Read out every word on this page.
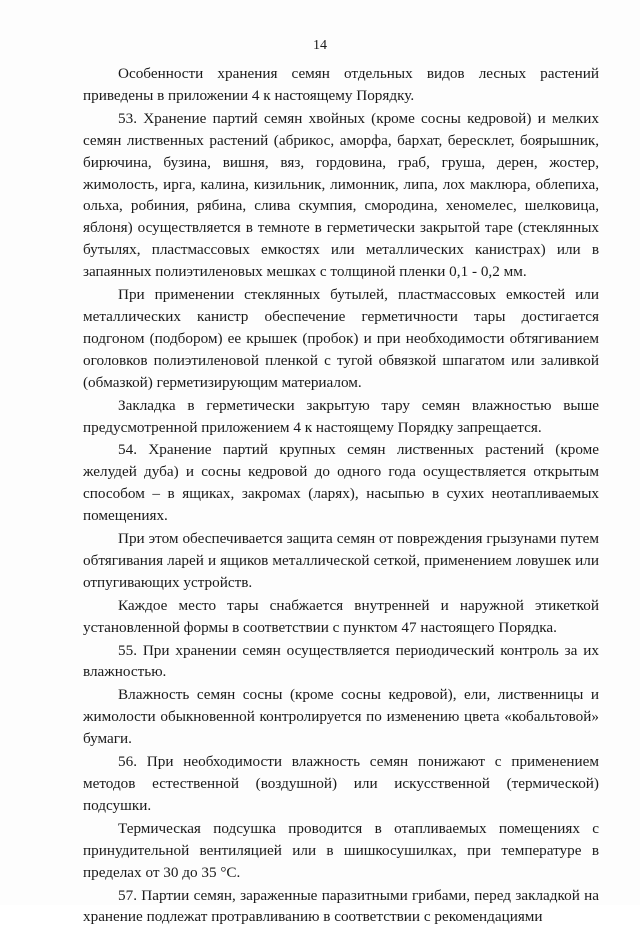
14

Особенности хранения семян отдельных видов лесных растений приведены в приложении 4 к настоящему Порядку.

53. Хранение партий семян хвойных (кроме сосны кедровой) и мелких семян лиственных растений (абрикос, аморфа, бархат, бересклет, боярышник, бирючина, бузина, вишня, вяз, гордовина, граб, груша, дерен, жостер, жимолость, ирга, калина, кизильник, лимонник, липа, лох маклюра, облепиха, ольха, робиния, рябина, слива скумпия, смородина, хеномелес, шелковица, яблоня) осуществляется в темноте в герметически закрытой таре (стеклянных бутылях, пластмассовых емкостях или металлических канистрах) или в запаянных полиэтиленовых мешках с толщиной пленки 0,1 - 0,2 мм.

При применении стеклянных бутылей, пластмассовых емкостей или металлических канистр обеспечение герметичности тары достигается подгоном (подбором) ее крышек (пробок) и при необходимости обтягиванием оголовков полиэтиленовой пленкой с тугой обвязкой шпагатом или заливкой (обмазкой) герметизирующим материалом.

Закладка в герметически закрытую тару семян влажностью выше предусмотренной приложением 4 к настоящему Порядку запрещается.

54. Хранение партий крупных семян лиственных растений (кроме желудей дуба) и сосны кедровой до одного года осуществляется открытым способом – в ящиках, закромах (ларях), насыпью в сухих неотапливаемых помещениях.

При этом обеспечивается защита семян от повреждения грызунами путем обтягивания ларей и ящиков металлической сеткой, применением ловушек или отпугивающих устройств.

Каждое место тары снабжается внутренней и наружной этикеткой установленной формы в соответствии с пунктом 47 настоящего Порядка.

55. При хранении семян осуществляется периодический контроль за их влажностью.

Влажность семян сосны (кроме сосны кедровой), ели, лиственницы и жимолости обыкновенной контролируется по изменению цвета «кобальтовой» бумаги.

56. При необходимости влажность семян понижают с применением методов естественной (воздушной) или искусственной (термической) подсушки.

Термическая подсушка проводится в отапливаемых помещениях с принудительной вентиляцией или в шишкосушилках, при температуре в пределах от 30 до 35 °С.

57. Партии семян, зараженные паразитными грибами, перед закладкой на хранение подлежат протравливанию в соответствии с рекомендациями
